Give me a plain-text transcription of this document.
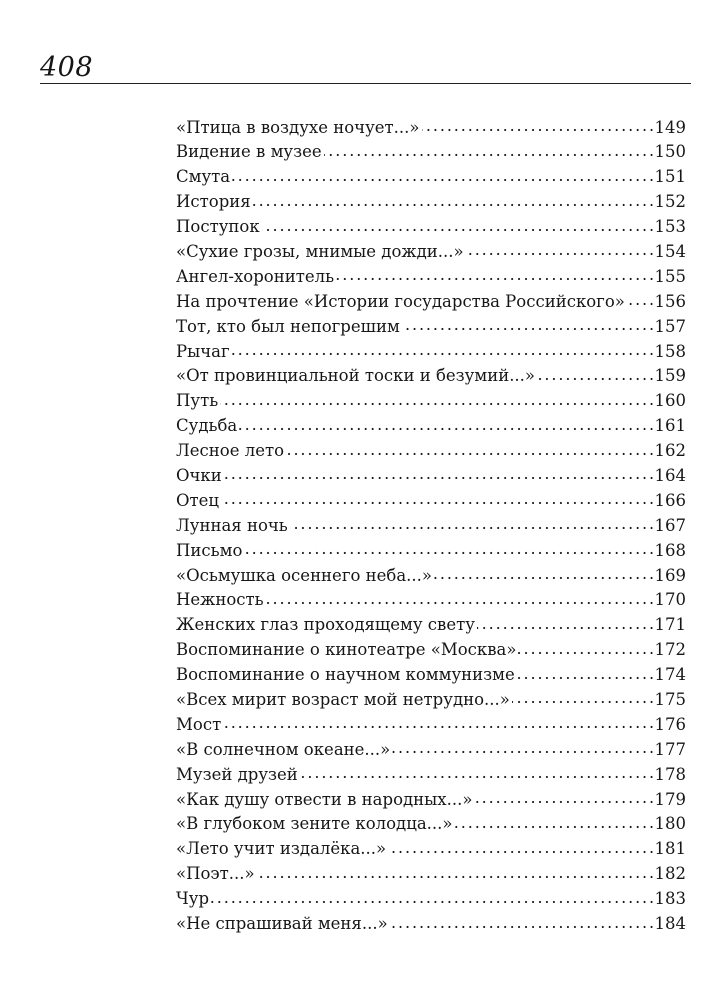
408
«Птица в воздухе ночует...» . . .	149
Видение в музее . . .	150
Смута . . .	151
История . . .	152
Поступок . . .	153
«Сухие грозы, мнимые дожди...» . . .	154
Ангел-хоронитель . . .	155
На прочтение «Истории государства Российского» . . . 156
Тот, кто был непогрешим . . .	157
Рычаг . . .	158
«От провинциальной тоски и безумий...» . . .	159
Путь . . .	160
Судьба . . .	161
Лесное лето . . .	162
Очки . . .	164
Отец . . .	166
Лунная ночь . . .	167
Письмо . . .	168
«Осьмушка осеннего неба...» . . .	169
Нежность . . .	170
Женских глаз проходящему свету . . .	171
Воспоминание о кинотеатре «Москва» . . .	172
Воспоминание о научном коммунизме . . .	174
«Всех мирит возраст мой нетрудно...» . . .	175
Мост . . .	176
«В солнечном океане...» . . .	177
Музей друзей . . .	178
«Как душу отвести в народных...» . . .	179
«В глубоком зените колодца...» . . .	180
«Лето учит издалёка...» . . .	181
«Поэт...» . . .	182
Чур . . .	183
«Не спрашивай меня...» . . .	184
